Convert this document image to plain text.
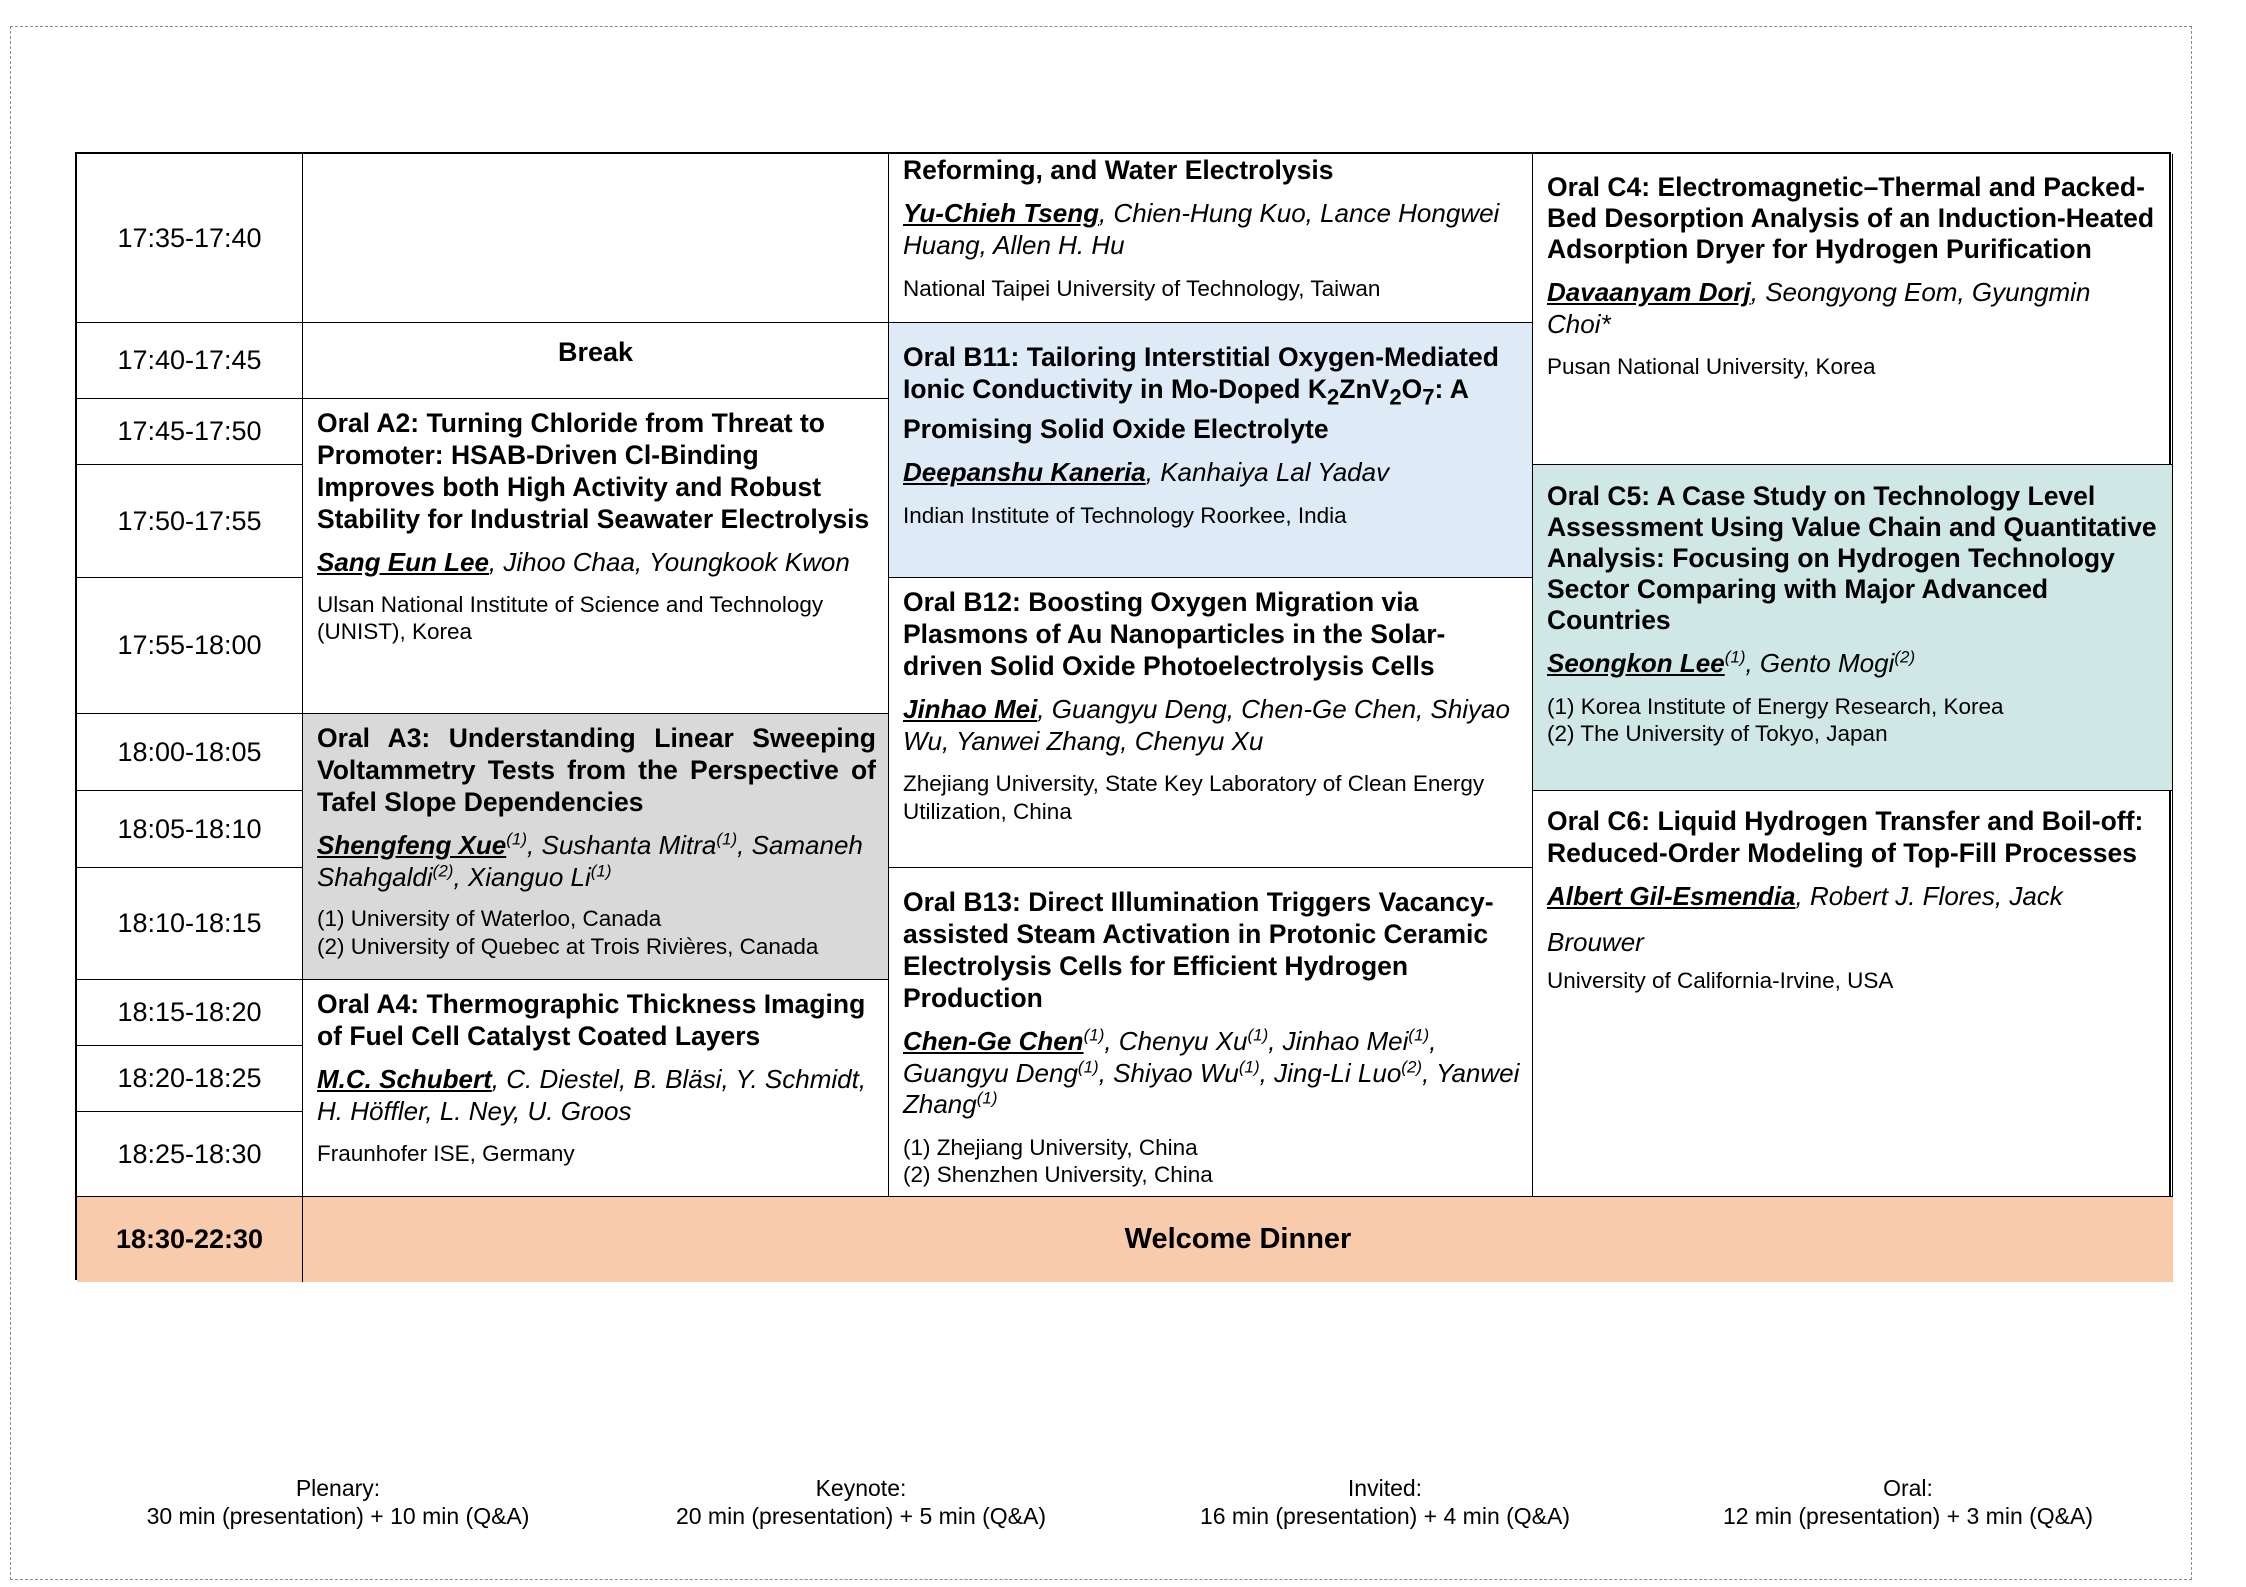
17:35-17:40
17:40-17:45
17:45-17:50
17:50-17:55
17:55-18:00
18:00-18:05
18:05-18:10
18:10-18:15
18:15-18:20
18:20-18:25
18:25-18:30
Break

Oral A2: Turning Chloride from Threat to Promoter: HSAB-Driven Cl-Binding Improves both High Activity and Robust Stability for Industrial Seawater Electrolysis

Sang Eun Lee, Jihoo Chaa, Youngkook Kwon

Ulsan National Institute of Science and Technology (UNIST), Korea

Oral A3: Understanding Linear Sweeping Voltammetry Tests from the Perspective of Tafel Slope Dependencies

Shengfeng Xue$^{(1)}$, Sushanta Mitra$^{(1)}$, Samaneh Shahgaldi$^{(2)}$, Xianguo Li$^{(1)}$

(1) University of Waterloo, Canada
(2) University of Quebec at Trois Rivières, Canada

Oral A4: Thermographic Thickness Imaging of Fuel Cell Catalyst Coated Layers

M.C. Schubert, C. Diestel, B. Bläsi, Y. Schmidt, H. Höffler, L. Ney, U. Groos

Fraunhofer ISE, Germany

Reforming, and Water Electrolysis

Yu-Chieh Tseng, Chien-Hung Kuo, Lance Hongwei Huang, Allen H. Hu

National Taipei University of Technology, Taiwan

Oral B11: Tailoring Interstitial Oxygen-Mediated Ionic Conductivity in Mo-Doped $K_2ZnV_2O_7$: A Promising Solid Oxide Electrolyte

Deepanshu Kaneria, Kanhaiya Lal Yadav

Indian Institute of Technology Roorkee, India

Oral B12: Boosting Oxygen Migration via Plasmons of Au Nanoparticles in the Solar-driven Solid Oxide Photoelectrolysis Cells

Jinhao Mei, Guangyu Deng, Chen-Ge Chen, Shiyao Wu, Yanwei Zhang, Chenyu Xu

Zhejiang University, State Key Laboratory of Clean Energy Utilization, China

Oral B13: Direct Illumination Triggers Vacancy-assisted Steam Activation in Protonic Ceramic Electrolysis Cells for Efficient Hydrogen Production

Chen-Ge Chen$^{(1)}$, Chenyu Xu$^{(1)}$, Jinhao Mei$^{(1)}$, Guangyu Deng$^{(1)}$, Shiyao Wu$^{(1)}$, Jing-Li Luo$^{(2)}$, Yanwei Zhang$^{(1)}$

(1) Zhejiang University, China
(2) Shenzhen University, China

Oral C4: Electromagnetic–Thermal and Packed-Bed Desorption Analysis of an Induction-Heated Adsorption Dryer for Hydrogen Purification

Davaanyam Dorj, Seongyong Eom, Gyungmin Choi*

Pusan National University, Korea

Oral C5: A Case Study on Technology Level Assessment Using Value Chain and Quantitative Analysis: Focusing on Hydrogen Technology Sector Comparing with Major Advanced Countries

Seongkon Lee$^{(1)}$, Gento Mogi$^{(2)}$

(1) Korea Institute of Energy Research, Korea
(2) The University of Tokyo, Japan

Oral C6: Liquid Hydrogen Transfer and Boil-off: Reduced-Order Modeling of Top-Fill Processes

Albert Gil-Esmendia, Robert J. Flores, Jack Brouwer

University of California-Irvine, USA

18:30-22:30	Welcome Dinner
Plenary:
30 min (presentation) + 10 min (Q&A)
Keynote:
20 min (presentation) + 5 min (Q&A)
Invited:
16 min (presentation) + 4 min (Q&A)
Oral:
12 min (presentation) + 3 min (Q&A)
